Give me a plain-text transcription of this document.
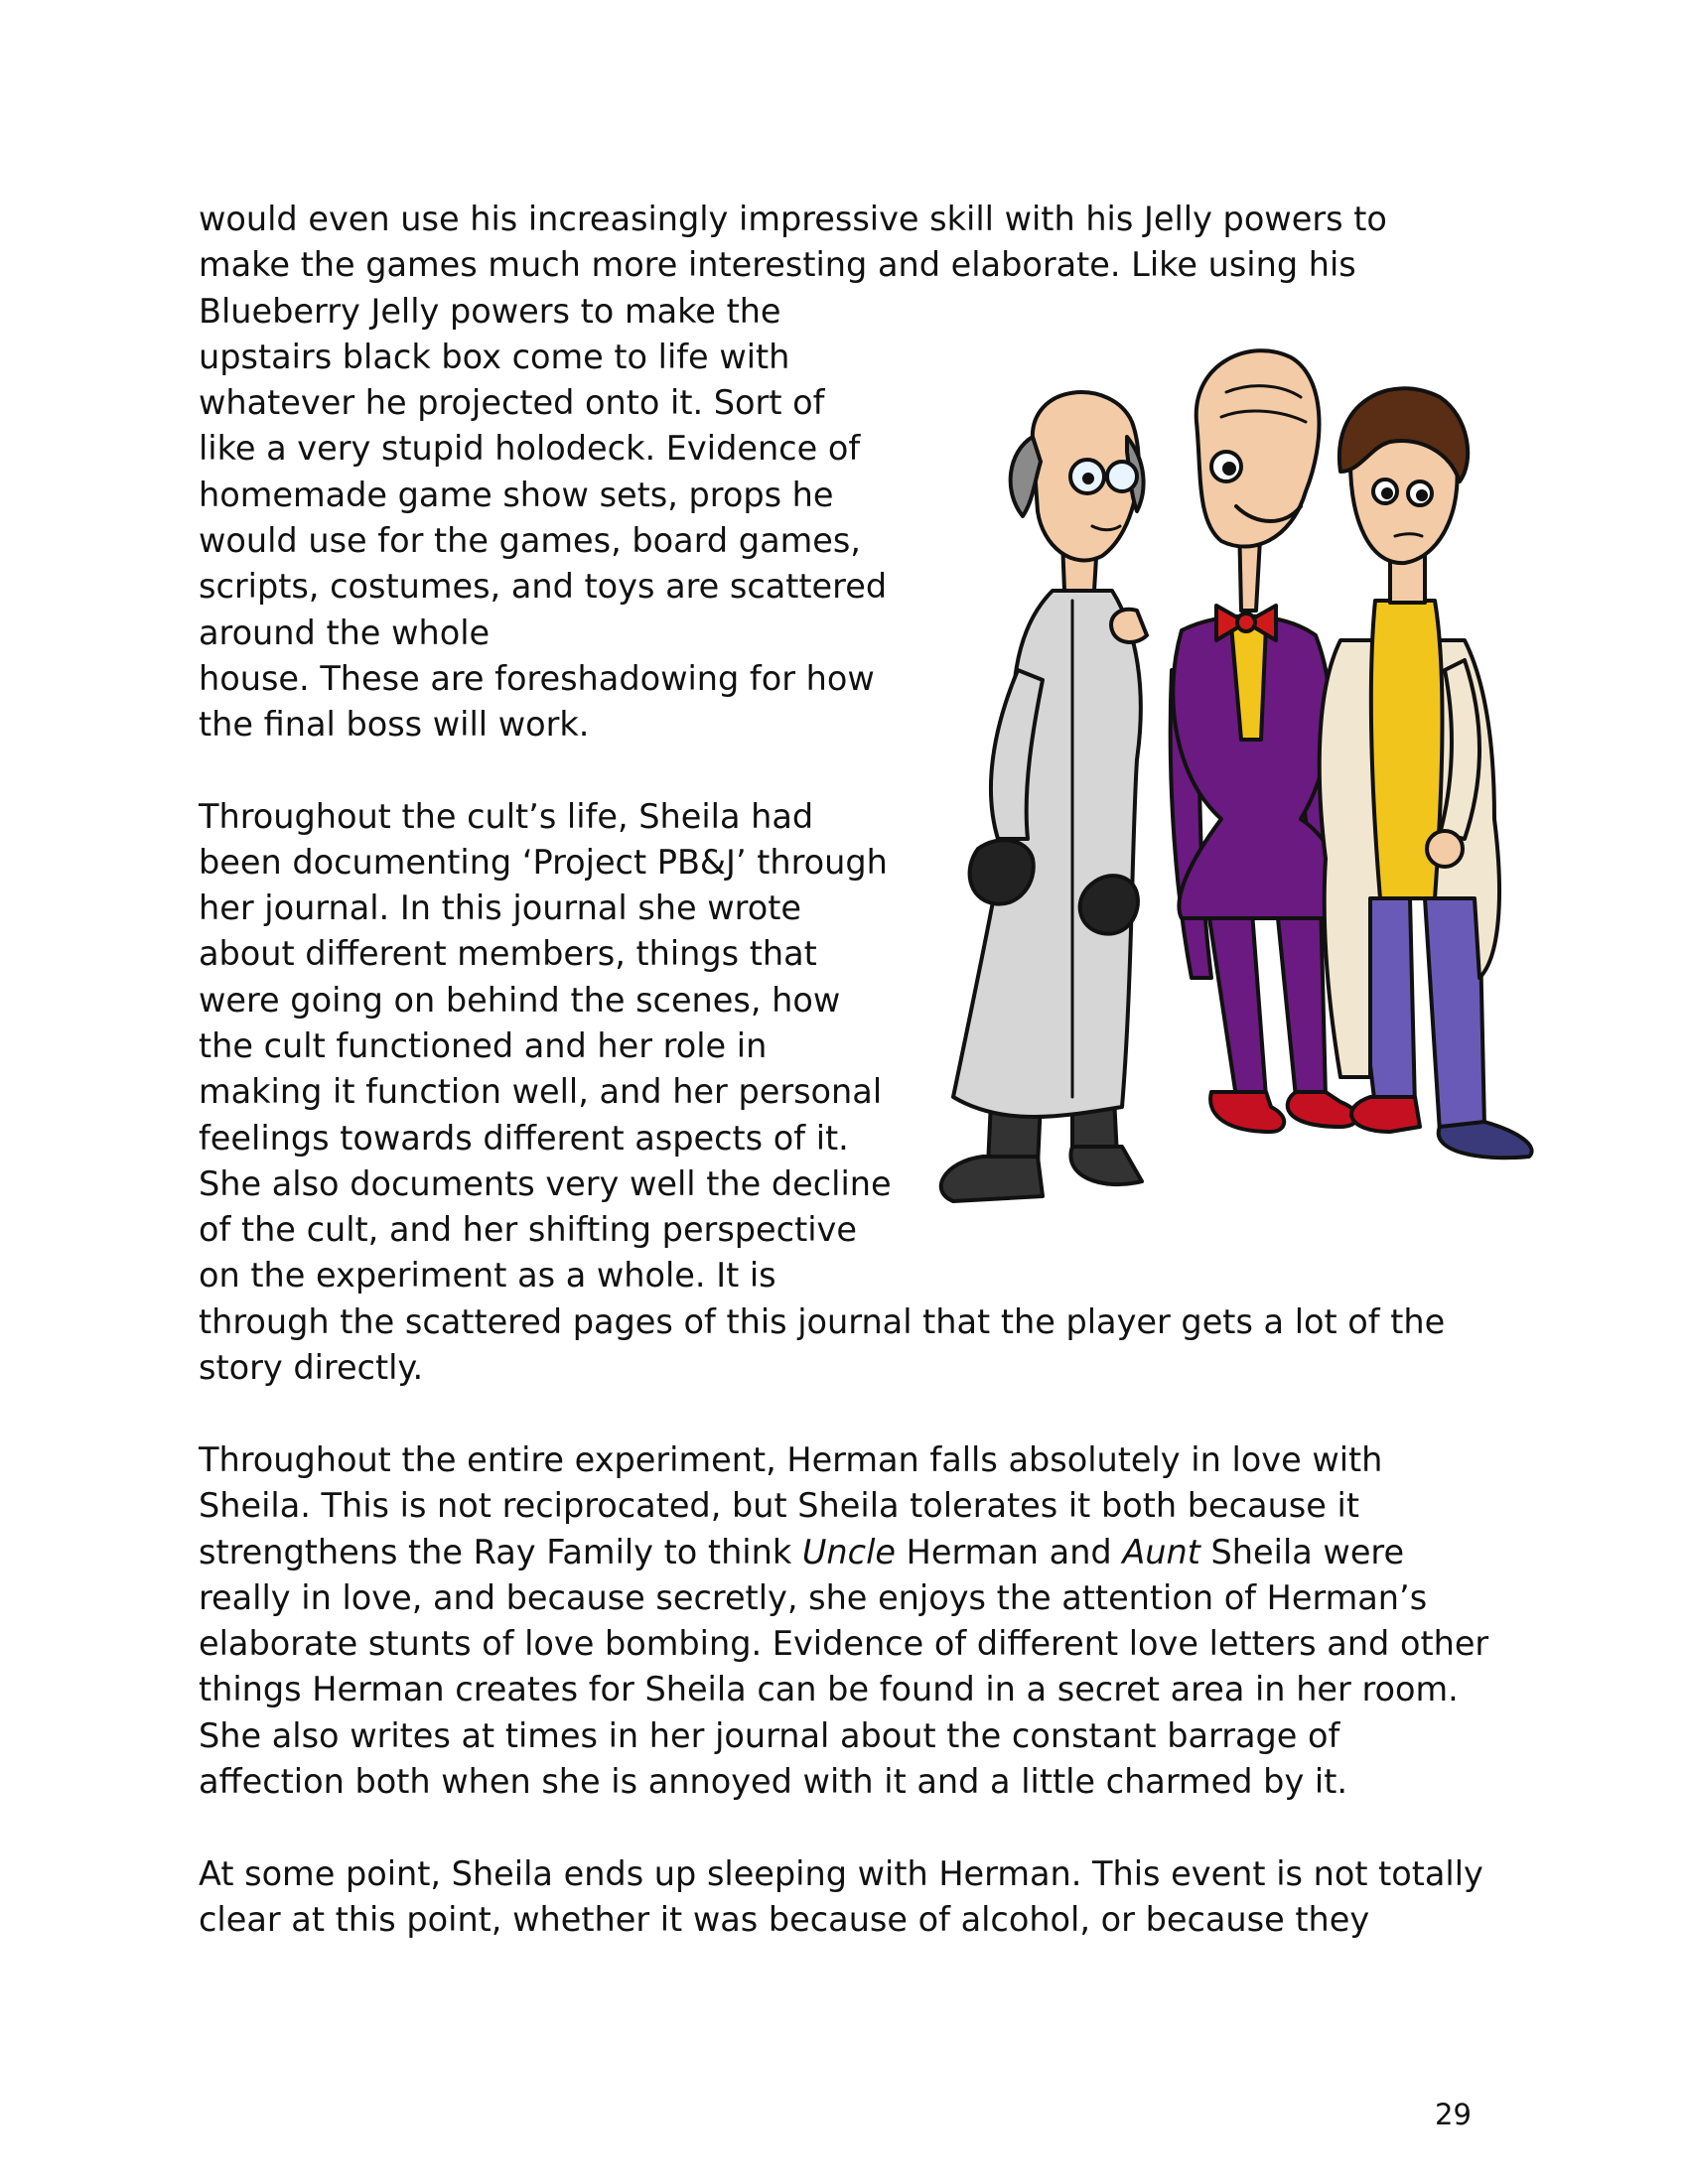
would even use his increasingly impressive skill with his Jelly powers to
make the games much more interesting and elaborate. Like using his

Blueberry Jelly powers to make the
upstairs black box come to life with
whatever he projected onto it. Sort of
like a very stupid holodeck. Evidence of
homemade game show sets, props he
would use for the games, board games,
scripts, costumes, and toys are scattered
around the whole
house. These are foreshadowing for how
the final boss will work.

Throughout the cult’s life, Sheila had
been documenting ‘Project PB&J’ through
her journal. In this journal she wrote
about different members, things that
were going on behind the scenes, how
the cult functioned and her role in
making it function well, and her personal
feelings towards different aspects of it.
She also documents very well the decline
of the cult, and her shifting perspective
on the experiment as a whole. It is
through the scattered pages of this journal that the player gets a lot of the
story directly.

Throughout the entire experiment, Herman falls absolutely in love with
Sheila. This is not reciprocated, but Sheila tolerates it both because it
strengthens the Ray Family to think Uncle Herman and Aunt Sheila were
really in love, and because secretly, she enjoys the attention of Herman’s
elaborate stunts of love bombing. Evidence of different love letters and other
things Herman creates for Sheila can be found in a secret area in her room.
She also writes at times in her journal about the constant barrage of
affection both when she is annoyed with it and a little charmed by it.

At some point, Sheila ends up sleeping with Herman. This event is not totally
clear at this point, whether it was because of alcohol, or because they

29
